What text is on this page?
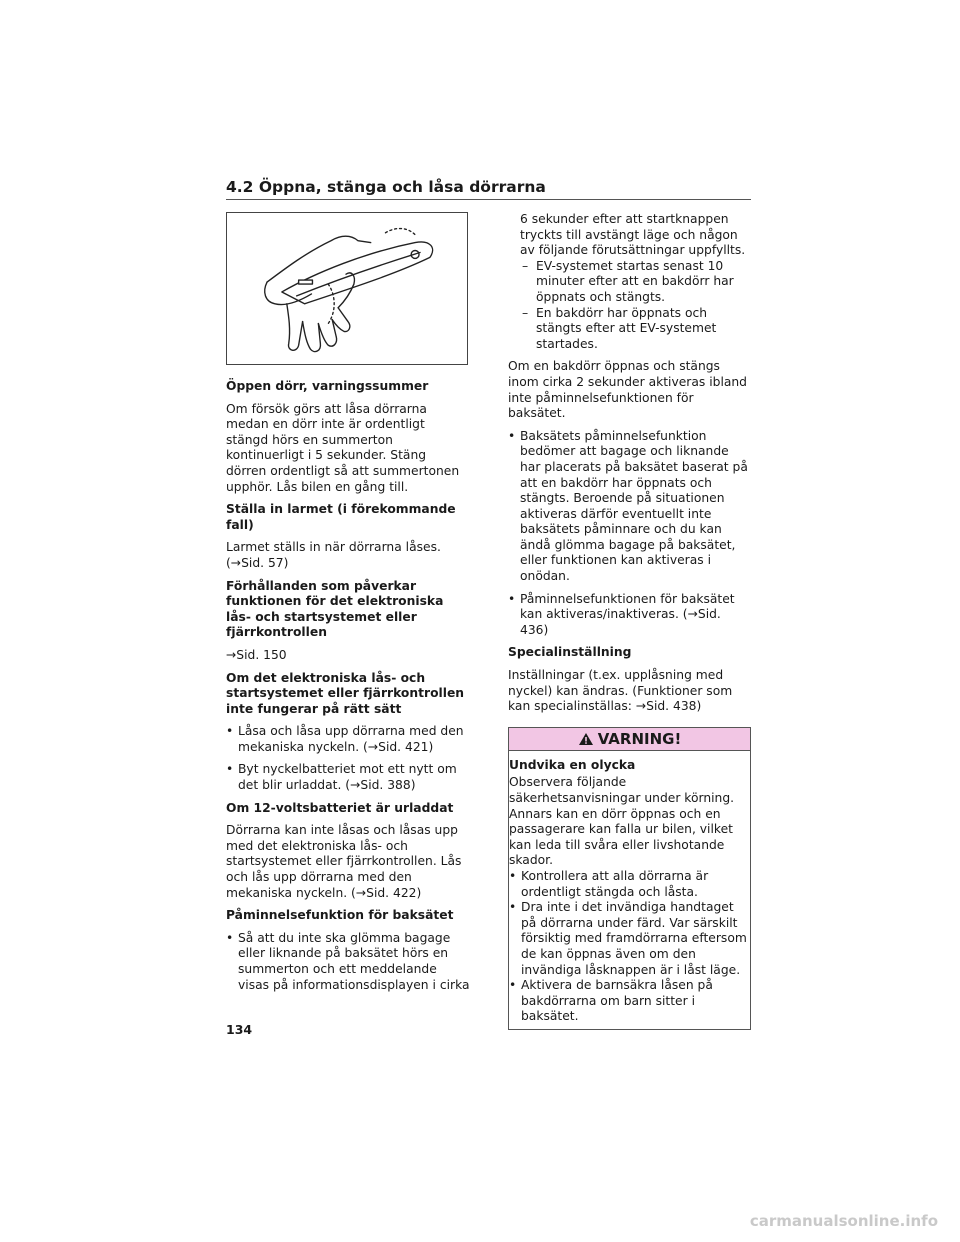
4.2 Öppna, stänga och låsa dörrarna

Öppen dörr, varningssummer

Om försök görs att låsa dörrarna medan en dörr inte är ordentligt stängd hörs en summerton kontinuerligt i 5 sekunder. Stäng dörren ordentligt så att summertonen upphör. Lås bilen en gång till.

Ställa in larmet (i förekommande fall)

Larmet ställs in när dörrarna låses. (→Sid. 57)

Förhållanden som påverkar funktionen för det elektroniska lås- och startsystemet eller fjärrkontrollen

→Sid. 150

Om det elektroniska lås- och startsystemet eller fjärrkontrollen inte fungerar på rätt sätt

• Låsa och låsa upp dörrarna med den mekaniska nyckeln. (→Sid. 421)
• Byt nyckelbatteriet mot ett nytt om det blir urladdat. (→Sid. 388)

Om 12-voltsbatteriet är urladdat

Dörrarna kan inte låsas och låsas upp med det elektroniska lås- och startsystemet eller fjärrkontrollen. Lås och lås upp dörrarna med den mekaniska nyckeln. (→Sid. 422)

Påminnelsefunktion för baksätet

• Så att du inte ska glömma bagage eller liknande på baksätet hörs en summerton och ett meddelande visas på informationsdisplayen i cirka

6 sekunder efter att startknappen tryckts till avstängt läge och någon av följande förutsättningar uppfyllts.

– EV-systemet startas senast 10 minuter efter att en bakdörr har öppnats och stängts.
– En bakdörr har öppnats och stängts efter att EV-systemet startades.

Om en bakdörr öppnas och stängs inom cirka 2 sekunder aktiveras ibland inte påminnelsefunktionen för baksätet.

• Baksätets påminnelsefunktion bedömer att bagage och liknande har placerats på baksätet baserat på att en bakdörr har öppnats och stängts. Beroende på situationen aktiveras därför eventuellt inte baksätets påminnare och du kan ändå glömma bagage på baksätet, eller funktionen kan aktiveras i onödan.
• Påminnelsefunktionen för baksätet kan aktiveras/inaktiveras. (→Sid. 436)

Specialinställning

Inställningar (t.ex. upplåsning med nyckel) kan ändras. (Funktioner som kan specialinställas: →Sid. 438)

VARNING!

Undvika en olycka

Observera följande säkerhetsanvisningar under körning. Annars kan en dörr öppnas och en passagerare kan falla ur bilen, vilket kan leda till svåra eller livshotande skador.

• Kontrollera att alla dörrarna är ordentligt stängda och låsta.
• Dra inte i det invändiga handtaget på dörrarna under färd. Var särskilt försiktig med framdörrarna eftersom de kan öppnas även om den invändiga låsknappen är i låst läge.
• Aktivera de barnsäkra låsen på bakdörrarna om barn sitter i baksätet.
134
carmanualsonline.info
